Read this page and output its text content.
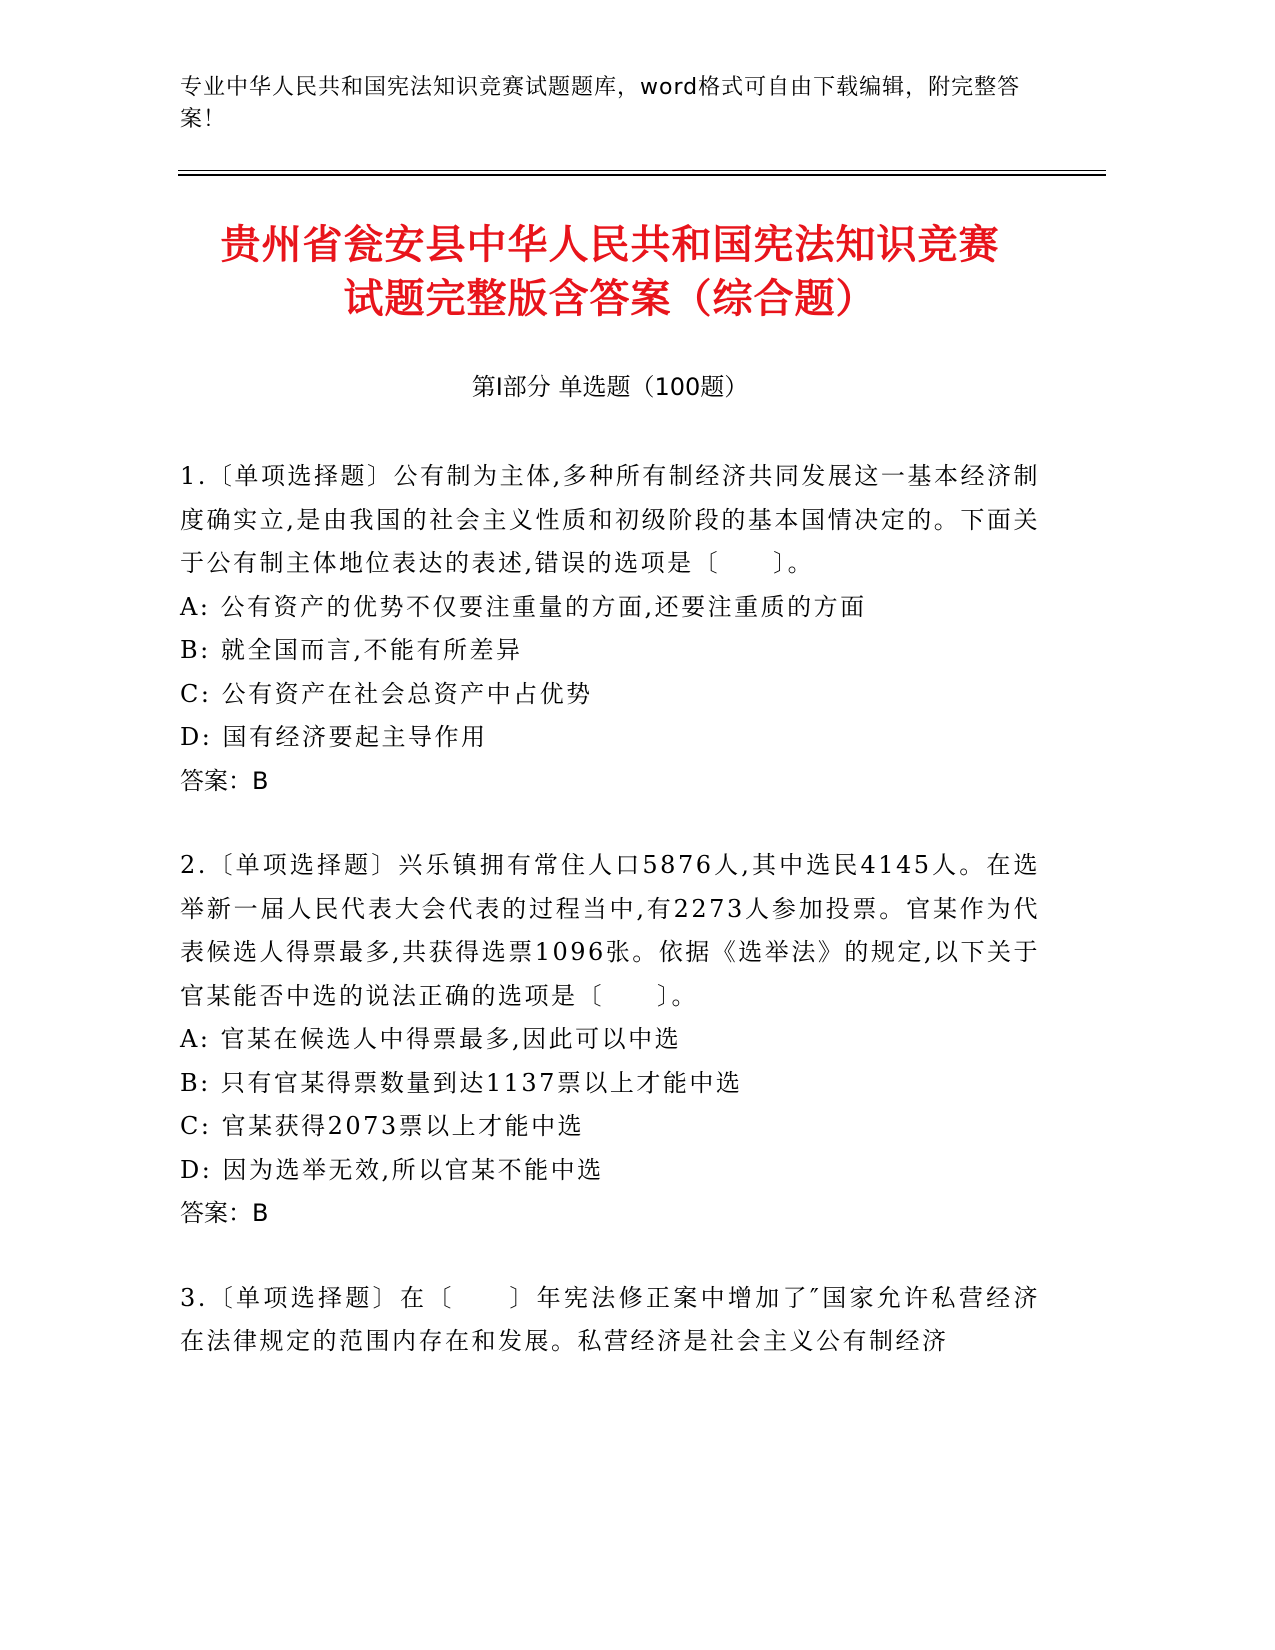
专业中华人民共和国宪法知识竞赛试题题库，word格式可自由下载编辑，附完整答案！
贵州省瓮安县中华人民共和国宪法知识竞赛
试题完整版含答案（综合题）
第Ⅰ部分 单选题（100题）
1.〔单项选择题〕公有制为主体,多种所有制经济共同发展这一基本经济制度确实立,是由我国的社会主义性质和初级阶段的基本国情决定的。下面关于公有制主体地位表达的表述,错误的选项是〔　　〕。
A: 公有资产的优势不仅要注重量的方面,还要注重质的方面
B: 就全国而言,不能有所差异
C: 公有资产在社会总资产中占优势
D: 国有经济要起主导作用
答案：B
2.〔单项选择题〕兴乐镇拥有常住人口5876人,其中选民4145人。在选举新一届人民代表大会代表的过程当中,有2273人参加投票。官某作为代表候选人得票最多,共获得选票1096张。依据《选举法》的规定,以下关于官某能否中选的说法正确的选项是〔　　〕。
A: 官某在候选人中得票最多,因此可以中选
B: 只有官某得票数量到达1137票以上才能中选
C: 官某获得2073票以上才能中选
D: 因为选举无效,所以官某不能中选
答案：B
3.〔单项选择题〕在〔　　〕年宪法修正案中增加了″国家允许私营经济在法律规定的范围内存在和发展。私营经济是社会主义公有制经济
